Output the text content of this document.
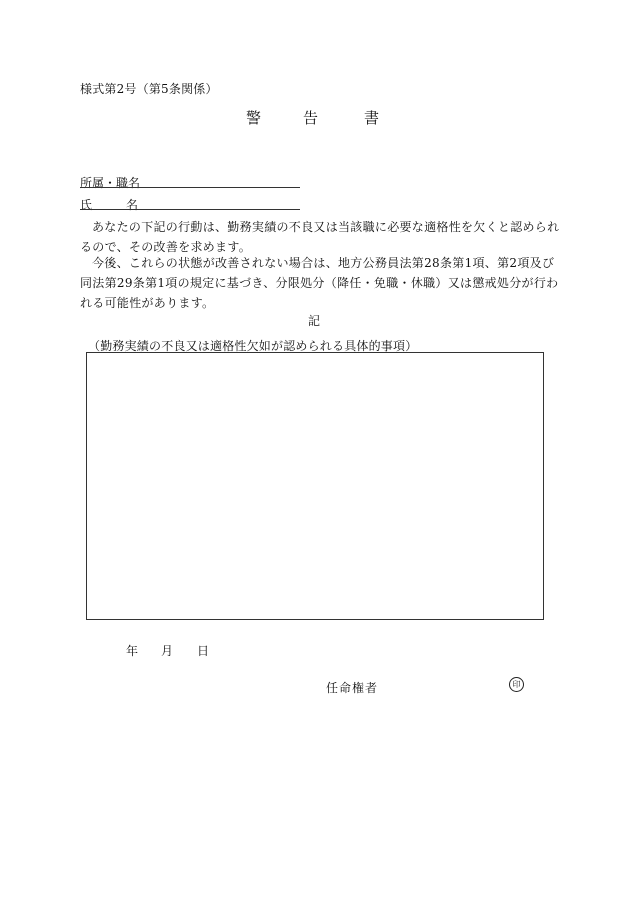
様式第2号（第5条関係）
警	告	書
所属・職名
氏	名
あなたの下記の行動は、勤務実績の不良又は当該職に必要な適格性を欠くと認められるので、その改善を求めます。
今後、これらの状態が改善されない場合は、地方公務員法第28条第1項、第2項及び同法第29条第1項の規定に基づき、分限処分（降任・免職・休職）又は懲戒処分が行われる可能性があります。
記
（勤務実績の不良又は適格性欠如が認められる具体的事項）
年 月 日
任命権者	印
